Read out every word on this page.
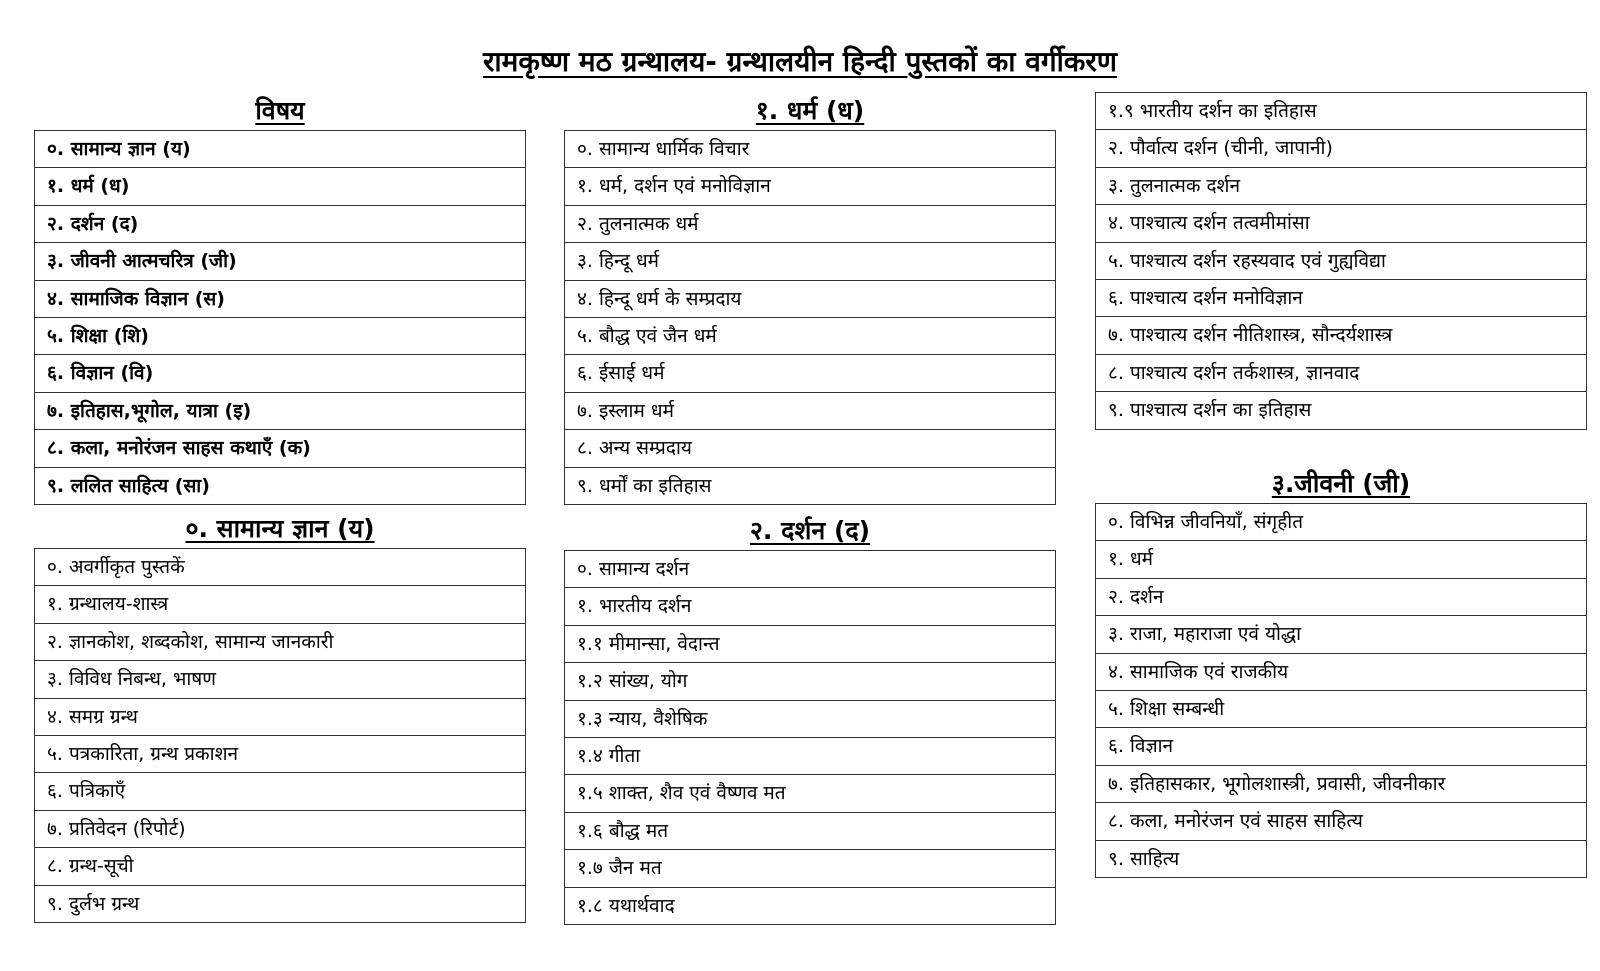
रामकृष्ण मठ ग्रन्थालय- ग्रन्थालयीन हिन्दी पुस्तकों का वर्गीकरण
विषय
०. सामान्य ज्ञान (य)
१. धर्म (ध)
२. दर्शन (द)
३. जीवनी आत्मचरित्र (जी)
४. सामाजिक विज्ञान (स)
५. शिक्षा (शि)
६. विज्ञान (वि)
७. इतिहास,भूगोल, यात्रा (इ)
८. कला, मनोरंजन साहस कथाएँ (क)
९. ललित साहित्य (सा)
१. धर्म (ध)
०. सामान्य धार्मिक विचार
१. धर्म, दर्शन एवं मनोविज्ञान
२. तुलनात्मक धर्म
३. हिन्दू धर्म
४. हिन्दू धर्म के सम्प्रदाय
५. बौद्ध एवं जैन धर्म
६. ईसाई धर्म
७. इस्लाम धर्म
८. अन्य सम्प्रदाय
९. धर्मों का इतिहास
१.९ भारतीय दर्शन का इतिहास
२. पौर्वात्य दर्शन (चीनी, जापानी)
३. तुलनात्मक दर्शन
४. पाश्चात्य दर्शन तत्वमीमांसा
५. पाश्चात्य दर्शन रहस्यवाद एवं गुह्यविद्या
६. पाश्चात्य दर्शन मनोविज्ञान
७. पाश्चात्य दर्शन नीतिशास्त्र, सौन्दर्यशास्त्र
८. पाश्चात्य दर्शन तर्कशास्त्र, ज्ञानवाद
९. पाश्चात्य दर्शन का इतिहास
०. सामान्य ज्ञान (य)
०. अवर्गीकृत पुस्तकें
१. ग्रन्थालय-शास्त्र
२. ज्ञानकोश, शब्दकोश, सामान्य जानकारी
३. विविध निबन्ध, भाषण
४. समग्र ग्रन्थ
५. पत्रकारिता, ग्रन्थ प्रकाशन
६. पत्रिकाएँ
७. प्रतिवेदन (रिपोर्ट)
८. ग्रन्थ-सूची
९. दुर्लभ ग्रन्थ
२. दर्शन (द)
०. सामान्य दर्शन
१. भारतीय दर्शन
१.१ मीमान्सा, वेदान्त
१.२ सांख्य, योग
१.३ न्याय, वैशेषिक
१.४ गीता
१.५ शाक्त, शैव एवं वैष्णव मत
१.६ बौद्ध मत
१.७ जैन मत
१.८ यथार्थवाद
३.जीवनी (जी)
०. विभिन्न जीवनियाँ, संगृहीत
१. धर्म
२. दर्शन
३. राजा, महाराजा एवं योद्धा
४. सामाजिक एवं राजकीय
५. शिक्षा सम्बन्धी
६. विज्ञान
७. इतिहासकार, भूगोलशास्त्री, प्रवासी, जीवनीकार
८. कला, मनोरंजन एवं साहस साहित्य
९. साहित्य
